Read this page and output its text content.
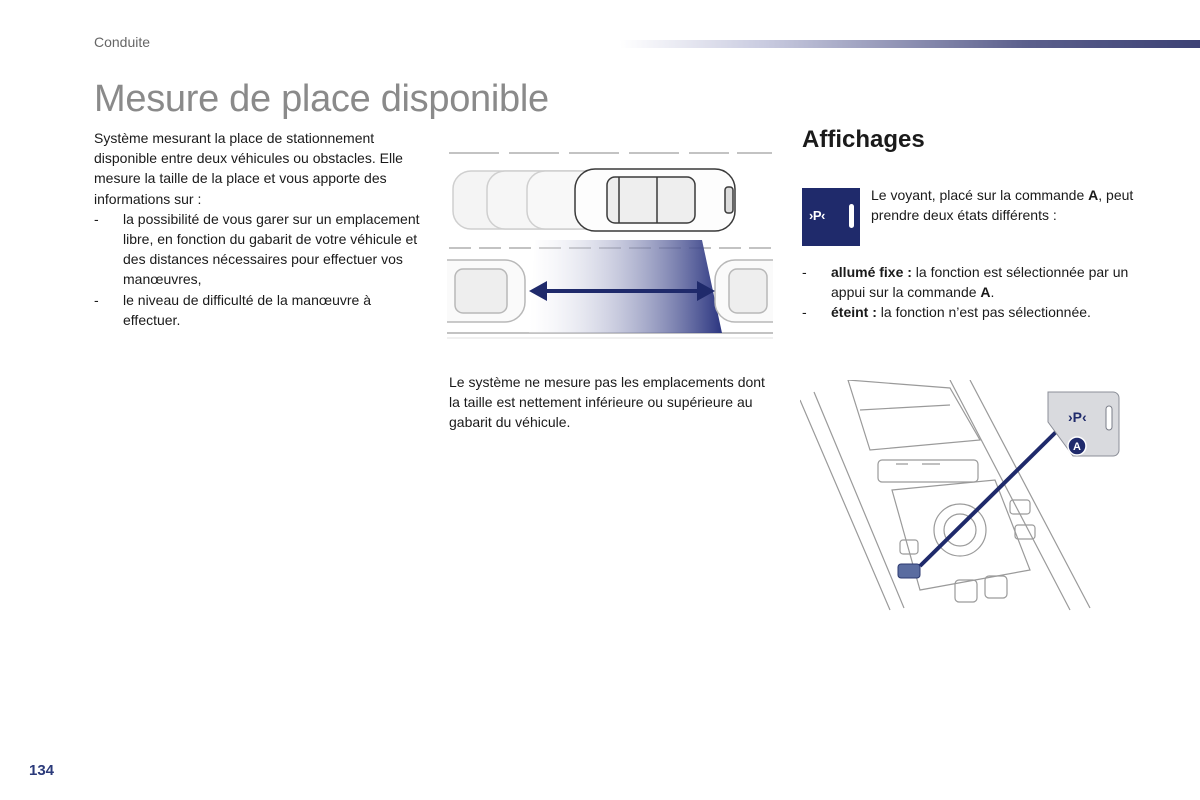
Conduite
Mesure de place disponible

Système mesurant la place de stationnement disponible entre deux véhicules ou obstacles. Elle mesure la taille de la place et vous apporte des informations sur :

- la possibilité de vous garer sur un emplacement libre, en fonction du gabarit de votre véhicule et des distances nécessaires pour effectuer vos manœuvres,
- le niveau de difficulté de la manœuvre à effectuer.

Le système ne mesure pas les emplacements dont la taille est nettement inférieure ou supérieure au gabarit du véhicule.

Affichages
›P‹

Le voyant, placé sur la commande A, peut prendre deux états différents :

- allumé fixe : la fonction est sélectionnée par un appui sur la commande A.
- éteint : la fonction n’est pas sélectionnée.
›P‹
A
134
